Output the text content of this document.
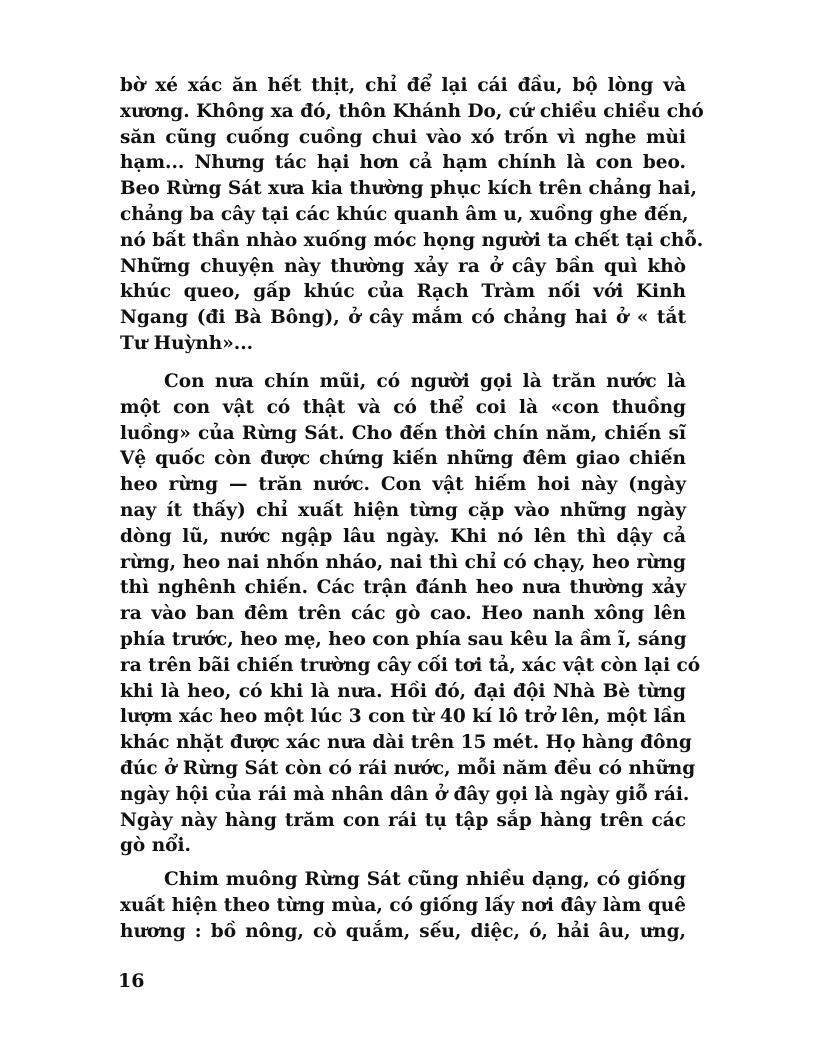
bờ xé xác ăn hết thịt, chỉ để lại cái đầu, bộ lòng và
xương. Không xa đó, thôn Khánh Do, cứ chiều chiều chó
săn cũng cuống cuồng chui vào xó trốn vì nghe mùi
hạm... Nhưng tác hại hơn cả hạm chính là con beo.
Beo Rừng Sát xưa kia thường phục kích trên chảng hai,
chảng ba cây tại các khúc quanh âm u, xuồng ghe đến,
nó bất thần nhào xuống móc họng người ta chết tại chỗ.
Những chuyện này thường xảy ra ở cây bần quì khò
khúc queo, gấp khúc của Rạch Tràm nối với Kinh
Ngang (đi Bà Bông), ở cây mắm có chảng hai ở « tắt
Tư Huỳnh»...
Con nưa chín mũi, có người gọi là trăn nước là
một con vật có thật và có thể coi là «con thuồng
luồng» của Rừng Sát. Cho đến thời chín năm, chiến sĩ
Vệ quốc còn được chứng kiến những đêm giao chiến
heo rừng — trăn nước. Con vật hiếm hoi này (ngày
nay ít thấy) chỉ xuất hiện từng cặp vào những ngày
dòng lũ, nước ngập lâu ngày. Khi nó lên thì dậy cả
rừng, heo nai nhốn nháo, nai thì chỉ có chạy, heo rừng
thì nghênh chiến. Các trận đánh heo nưa thường xảy
ra vào ban đêm trên các gò cao. Heo nanh xông lên
phía trước, heo mẹ, heo con phía sau kêu la ầm ĩ, sáng
ra trên bãi chiến trường cây cối tơi tả, xác vật còn lại có
khi là heo, có khi là nưa. Hồi đó, đại đội Nhà Bè từng
lượm xác heo một lúc 3 con từ 40 kí lô trở lên, một lần
khác nhặt được xác nưa dài trên 15 mét. Họ hàng đông
đúc ở Rừng Sát còn có rái nước, mỗi năm đều có những
ngày hội của rái mà nhân dân ở đây gọi là ngày giỗ rái.
Ngày này hàng trăm con rái tụ tập sắp hàng trên các
gò nổi.
Chim muông Rừng Sát cũng nhiều dạng, có giống
xuất hiện theo từng mùa, có giống lấy nơi đây làm quê
hương : bồ nông, cò quắm, sếu, diệc, ó, hải âu, ưng,
16
